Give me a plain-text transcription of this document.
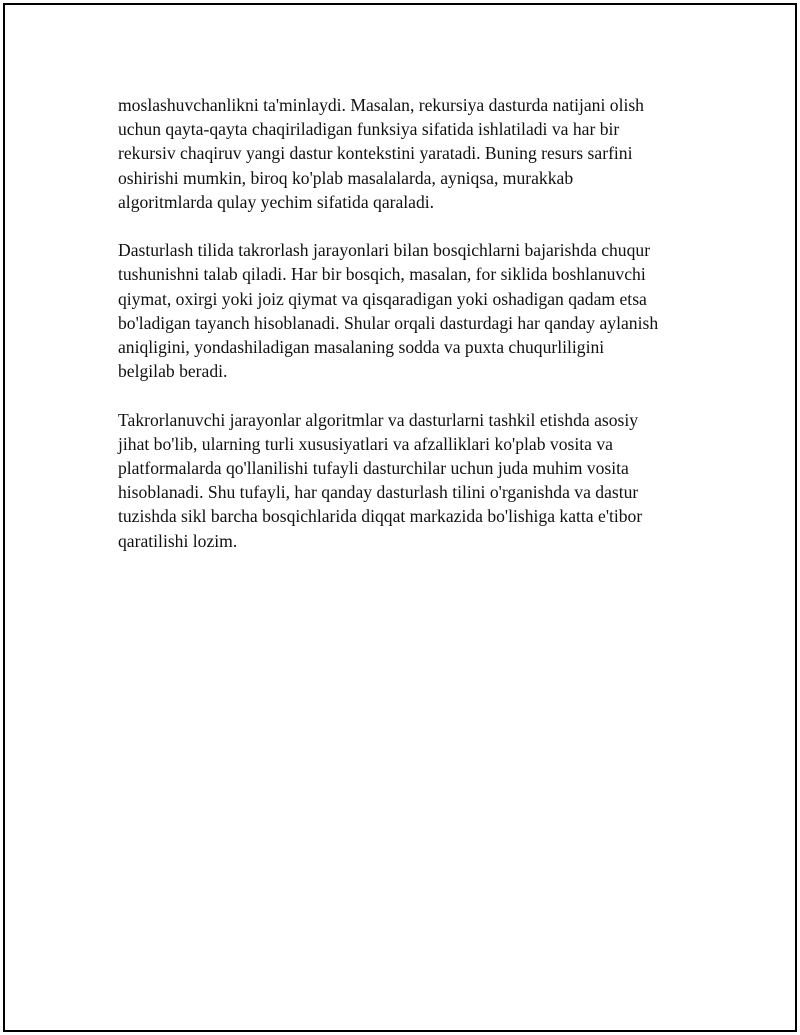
moslashuvchanlikni ta'minlaydi. Masalan, rekursiya dasturda natijani olish
uchun qayta-qayta chaqiriladigan funksiya sifatida ishlatiladi va har bir
rekursiv chaqiruv yangi dastur kontekstini yaratadi. Buning resurs sarfini
oshirishi mumkin, biroq ko'plab masalalarda, ayniqsa, murakkab
algoritmlarda qulay yechim sifatida qaraladi.

Dasturlash tilida takrorlash jarayonlari bilan bosqichlarni bajarishda chuqur
tushunishni talab qiladi. Har bir bosqich, masalan, for siklida boshlanuvchi
qiymat, oxirgi yoki joiz qiymat va qisqaradigan yoki oshadigan qadam etsa
bo'ladigan tayanch hisoblanadi. Shular orqali dasturdagi har qanday aylanish
aniqligini, yondashiladigan masalaning sodda va puxta chuqurliligini
belgilab beradi.

Takrorlanuvchi jarayonlar algoritmlar va dasturlarni tashkil etishda asosiy
jihat bo'lib, ularning turli xususiyatlari va afzalliklari ko'plab vosita va
platformalarda qo'llanilishi tufayli dasturchilar uchun juda muhim vosita
hisoblanadi. Shu tufayli, har qanday dasturlash tilini o'rganishda va dastur
tuzishda sikl barcha bosqichlarida diqqat markazida bo'lishiga katta e'tibor
qaratilishi lozim.
